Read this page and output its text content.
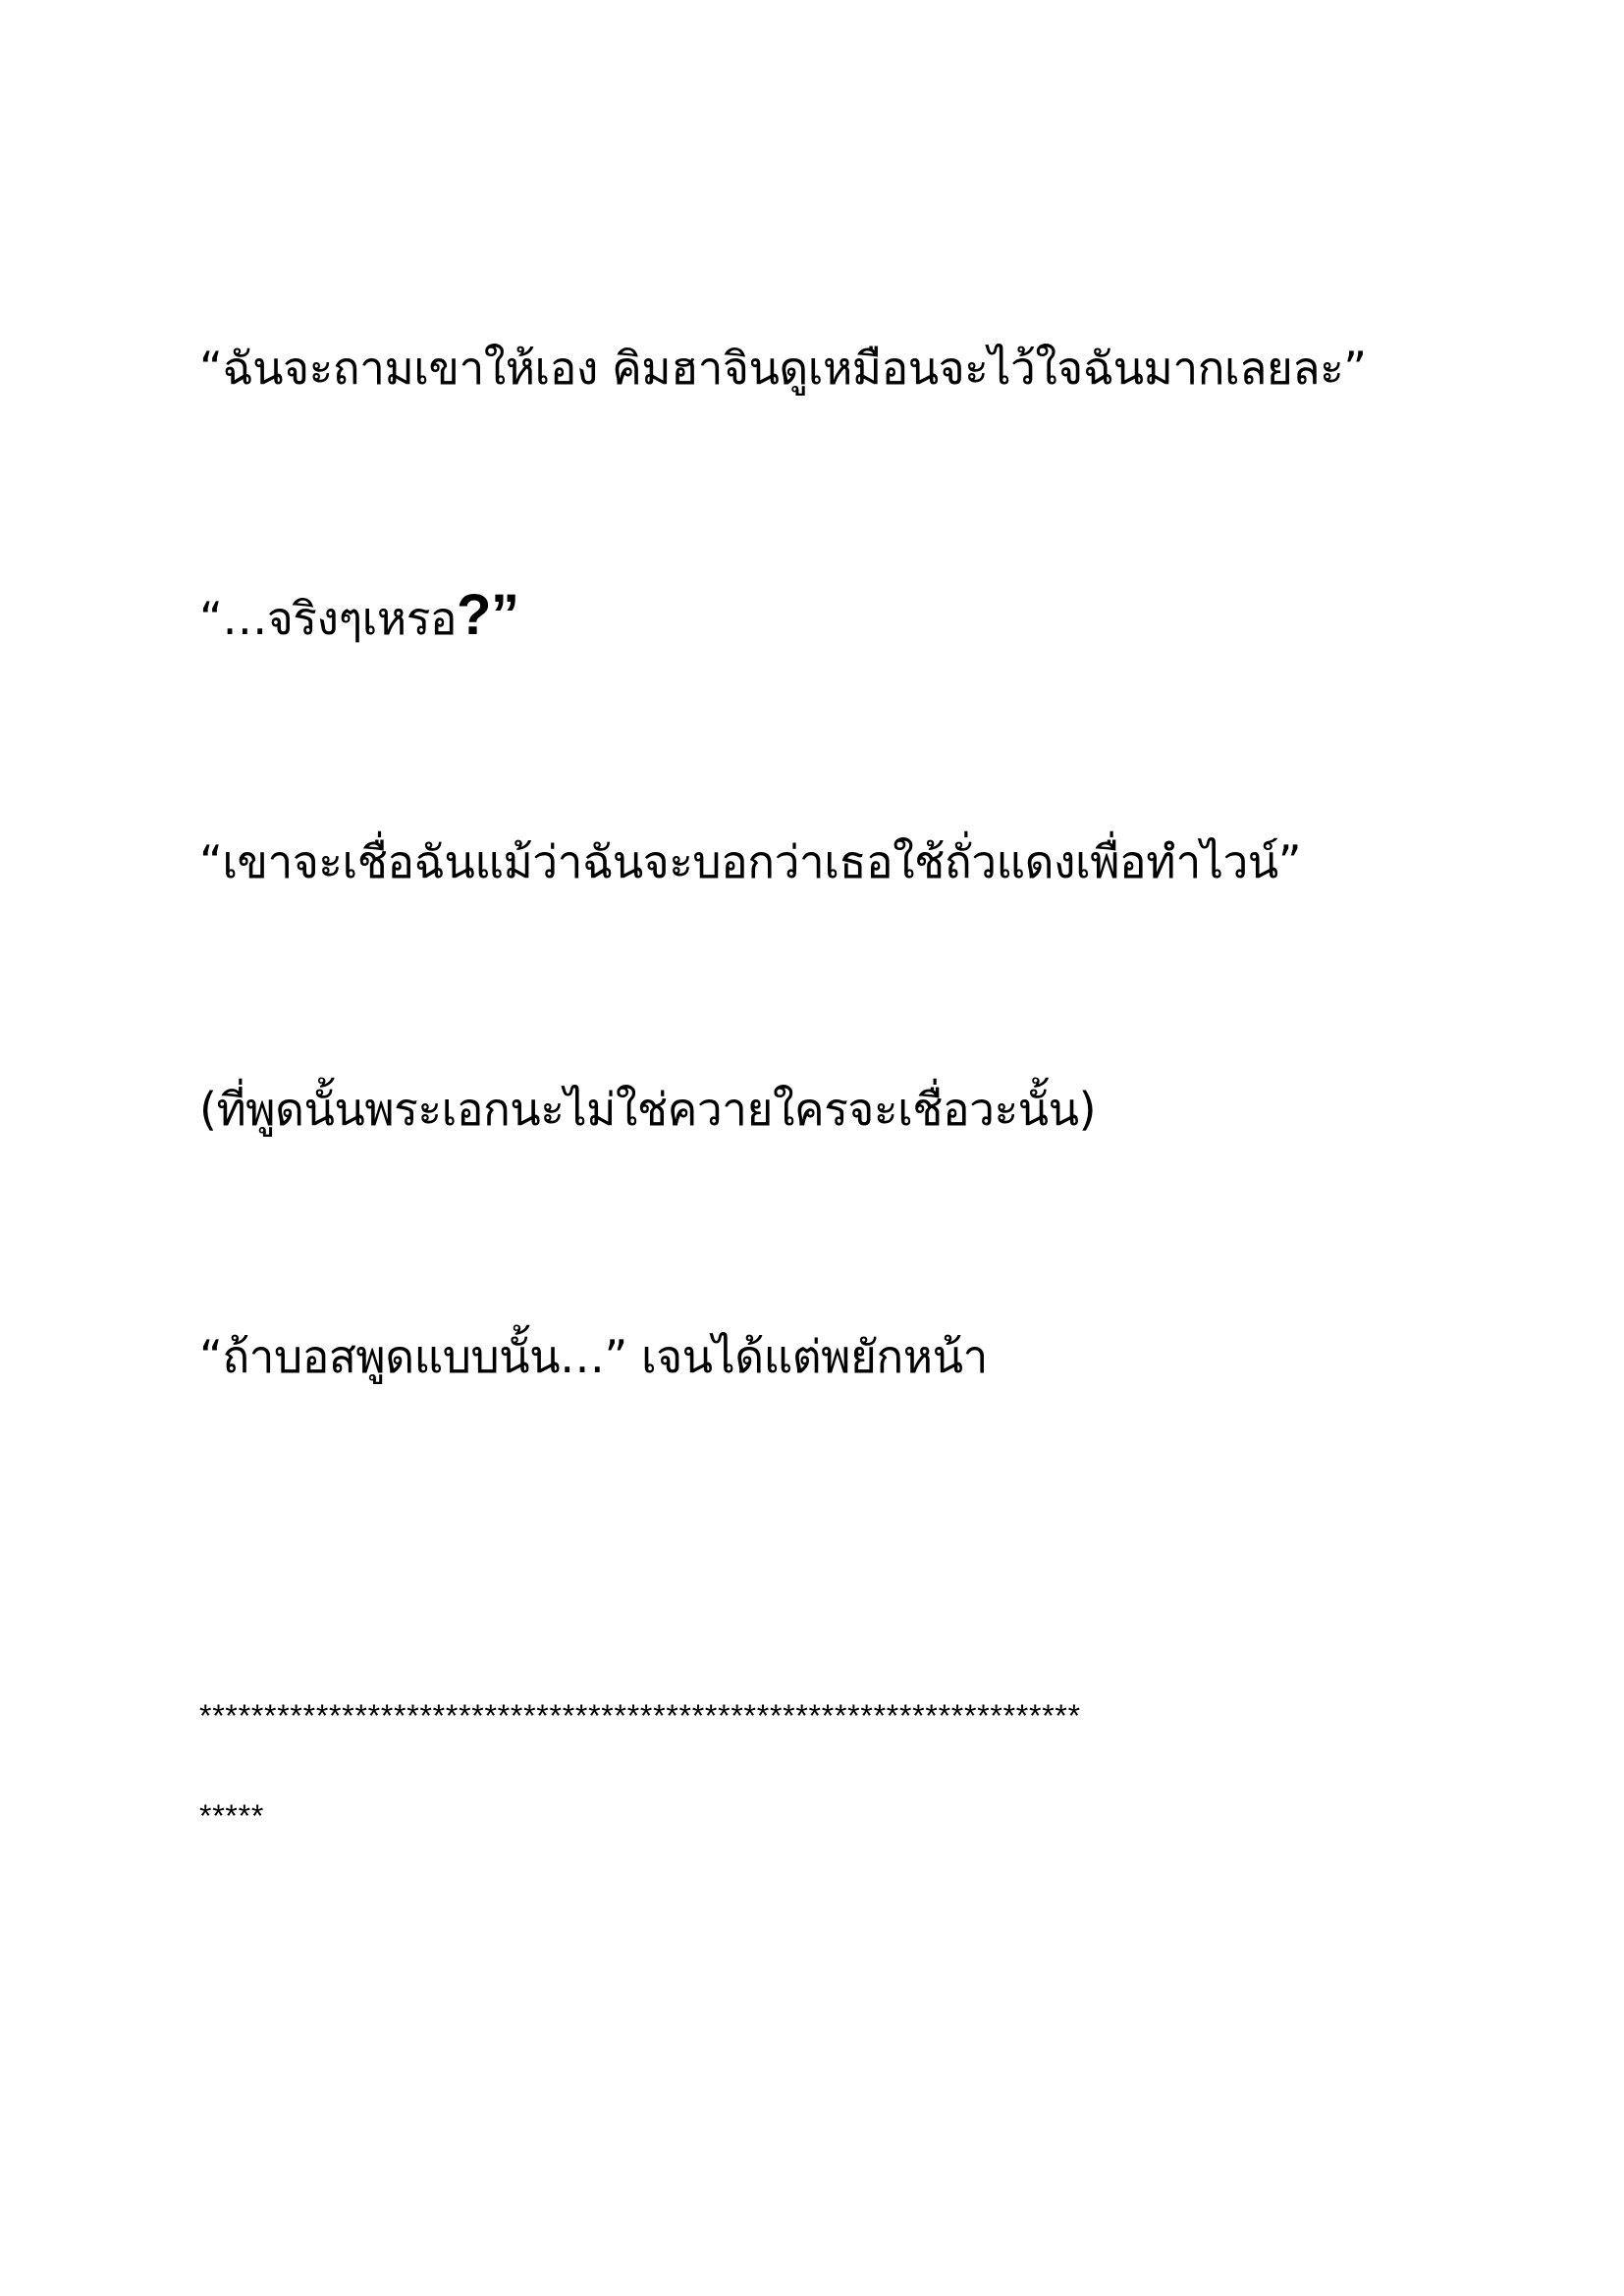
“ฉันจะถามเขาให้เอง คิมฮาจินดูเหมือนจะไว้ใจฉันมากเลยละ”
“…จริงๆเหรอ?”
“เขาจะเชื่อฉันแม้ว่าฉันจะบอกว่าเธอใช้ถั่วแดงเพื่อทำไวน์”
(ที่พูดนั้นพระเอกนะไม่ใช่ควายใครจะเชื่อวะนั้น)
“ถ้าบอสพูดแบบนั้น…” เจนได้แต่พยักหน้า
********************************************************************
*****
